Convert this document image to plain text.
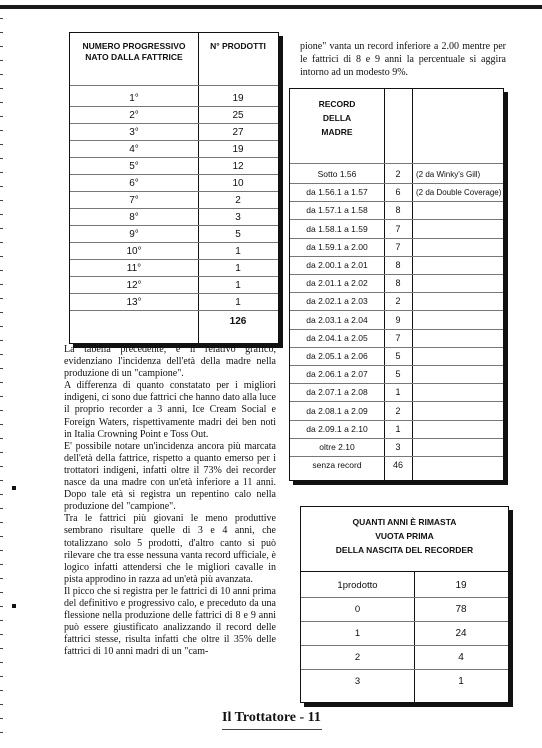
NUMERO PROGRESSIVO NATO DALLA FATTRICE
N° PRODOTTI
1°	19
2°	25
3°	27
4°	19
5°	12
6°	10
7°	2
8°	3
9°	5
10°	1
11°	1
12°	1
13°	1
126

La tabella precedente, e il relativo grafico, evidenziano l'incidenza dell'età della madre nella produzione di un "campione".

A differenza di quanto constatato per i migliori indigeni, ci sono due fattrici che hanno dato alla luce il proprio recorder a 3 anni, Ice Cream Social e Foreign Waters, rispettivamente madri dei ben noti in Italia Crowning Point e Toss Out.

E' possibile notare un'incidenza ancora più marcata dell'età della fattrice, rispetto a quanto emerso per i trottatori indigeni, infatti oltre il 73% dei recorder nasce da una madre con un'età inferiore a 11 anni. Dopo tale età si registra un repentino calo nella produzione del "campione".

Tra le fattrici più giovani le meno produttive sembrano risultare quelle di 3 e 4 anni, che totalizzano solo 5 prodotti, d'altro canto si può rilevare che tra esse nessuna vanta record ufficiale, è logico infatti attendersi che le migliori cavalle in pista approdino in razza ad un'età più avanzata.

Il picco che si registra per le fattrici di 10 anni prima del definitivo e progressivo calo, e preceduto da una flessione nella produzione delle fattrici di 8 e 9 anni può essere giustificato analizzando il record delle fattrici stesse, risulta infatti che oltre il 35% delle fattrici di 10 anni madri di un "cam-

pione" vanta un record inferiore a 2.00 mentre per le fattrici di 8 e 9 anni la percentuale si aggira intorno ad un modesto 9%.
RECORD
DELLA
MADRE
Sotto 1.56	2	(2 da Winky's Gill)
da 1.56.1 a 1.57	6	(2 da Double Coverage)
da 1.57.1 a 1.58	8
da 1.58.1 a 1.59	7
da 1.59.1 a 2.00	7
da 2.00.1 a 2.01	8
da 2.01.1 a 2.02	8
da 2.02.1 a 2.03	2
da 2.03.1 a 2.04	9
da 2.04.1 a 2.05	7
da 2.05.1 a 2.06	5
da 2.06.1 a 2.07	5
da 2.07.1 a 2.08	1
da 2.08.1 a 2.09	2
da 2.09.1 a 2.10	1
oltre 2.10	3
senza record	46
QUANTI ANNI È RIMASTA
VUOTA PRIMA
DELLA NASCITA DEL RECORDER
1prodotto	19
0	78
1	24
2	4
3	1
Il Trottatore - 11
